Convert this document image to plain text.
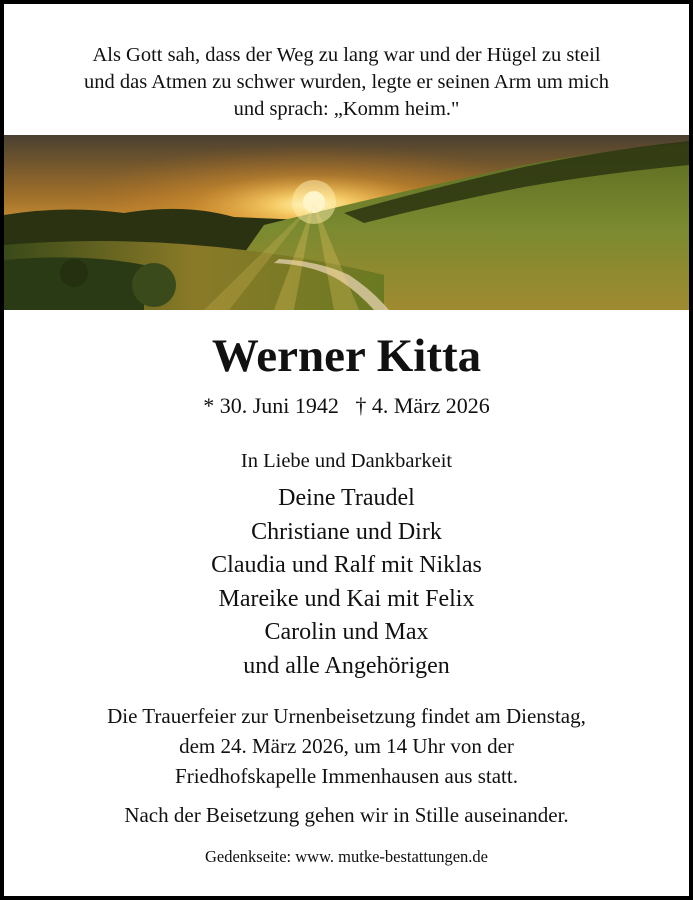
Als Gott sah, dass der Weg zu lang war und der Hügel zu steil
und das Atmen zu schwer wurden, legte er seinen Arm um mich
und sprach: „Komm heim."
Werner Kitta
* 30. Juni 1942 † 4. März 2026
In Liebe und Dankbarkeit
Deine Traudel
Christiane und Dirk
Claudia und Ralf mit Niklas
Mareike und Kai mit Felix
Carolin und Max
und alle Angehörigen
Die Trauerfeier zur Urnenbeisetzung findet am Dienstag,
dem 24. März 2026, um 14 Uhr von der
Friedhofskapelle Immenhausen aus statt.
Nach der Beisetzung gehen wir in Stille auseinander.
Gedenkseite: www. mutke-bestattungen.de
